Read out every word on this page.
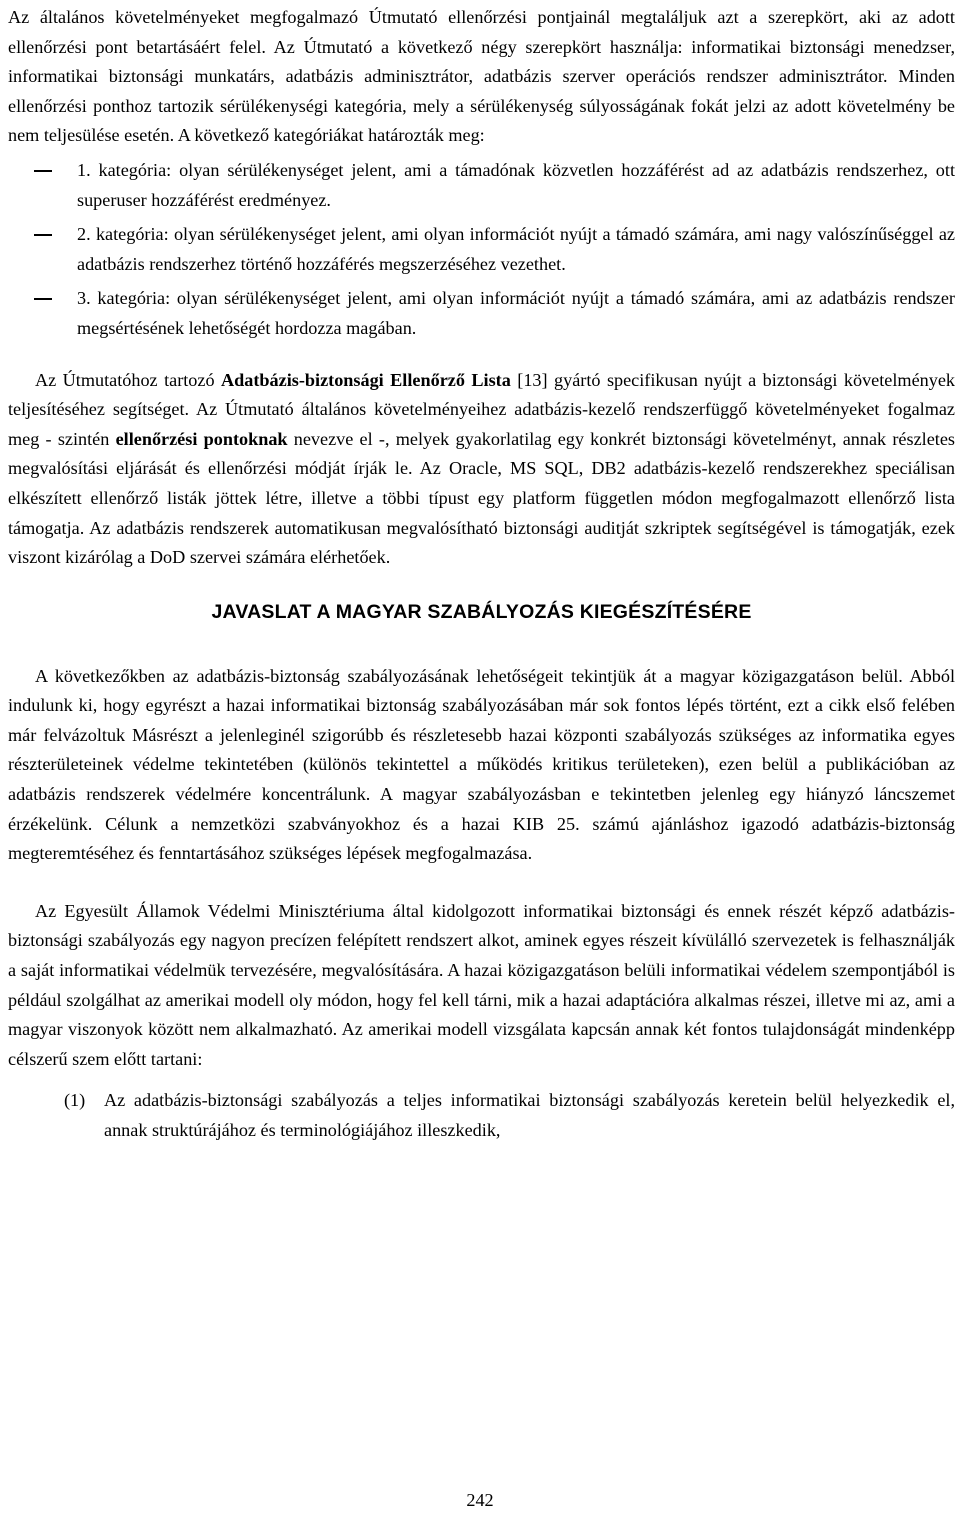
Az általános követelményeket megfogalmazó Útmutató ellenőrzési pontjainál megtaláljuk azt a szerepkört, aki az adott ellenőrzési pont betartásáért felel. Az Útmutató a következő négy szerepkört használja: informatikai biztonsági menedzser, informatikai biztonsági munkatárs, adatbázis adminisztrátor, adatbázis szerver operációs rendszer adminisztrátor. Minden ellenőrzési ponthoz tartozik sérülékenységi kategória, mely a sérülékenység súlyosságának fokát jelzi az adott követelmény be nem teljesülése esetén. A következő kategóriákat határozták meg:

1. kategória: olyan sérülékenységet jelent, ami a támadónak közvetlen hozzáférést ad az adatbázis rendszerhez, ott superuser hozzáférést eredményez.
2. kategória: olyan sérülékenységet jelent, ami olyan információt nyújt a támadó számára, ami nagy valószínűséggel az adatbázis rendszerhez történő hozzáférés megszerzéséhez vezethet.
3. kategória: olyan sérülékenységet jelent, ami olyan információt nyújt a támadó számára, ami az adatbázis rendszer megsértésének lehetőségét hordozza magában.

Az Útmutatóhoz tartozó Adatbázis-biztonsági Ellenőrző Lista [13] gyártó specifikusan nyújt a biztonsági követelmények teljesítéséhez segítséget. Az Útmutató általános követelményeihez adatbázis-kezelő rendszerfüggő követelményeket fogalmaz meg - szintén ellenőrzési pontoknak nevezve el -, melyek gyakorlatilag egy konkrét biztonsági követelményt, annak részletes megvalósítási eljárását és ellenőrzési módját írják le. Az Oracle, MS SQL, DB2 adatbázis-kezelő rendszerekhez speciálisan elkészített ellenőrző listák jöttek létre, illetve a többi típust egy platform független módon megfogalmazott ellenőrző lista támogatja. Az adatbázis rendszerek automatikusan megvalósítható biztonsági auditját szkriptek segítségével is támogatják, ezek viszont kizárólag a DoD szervei számára elérhetőek.

JAVASLAT A MAGYAR SZABÁLYOZÁS KIEGÉSZÍTÉSÉRE

A következőkben az adatbázis-biztonság szabályozásának lehetőségeit tekintjük át a magyar közigazgatáson belül. Abból indulunk ki, hogy egyrészt a hazai informatikai biztonság szabályozásában már sok fontos lépés történt, ezt a cikk első felében már felvázoltuk Másrészt a jelenleginél szigorúbb és részletesebb hazai központi szabályozás szükséges az informatika egyes részterületeinek védelme tekintetében (különös tekintettel a működés kritikus területeken), ezen belül a publikációban az adatbázis rendszerek védelmére koncentrálunk. A magyar szabályozásban e tekintetben jelenleg egy hiányzó láncszemet érzékelünk. Célunk a nemzetközi szabványokhoz és a hazai KIB 25. számú ajánláshoz igazodó adatbázis-biztonság megteremtéséhez és fenntartásához szükséges lépések megfogalmazása.

Az Egyesült Államok Védelmi Minisztériuma által kidolgozott informatikai biztonsági és ennek részét képző adatbázis-biztonsági szabályozás egy nagyon precízen felépített rendszert alkot, aminek egyes részeit kívülálló szervezetek is felhasználják a saját informatikai védelmük tervezésére, megvalósítására. A hazai közigazgatáson belüli informatikai védelem szempontjából is például szolgálhat az amerikai modell oly módon, hogy fel kell tárni, mik a hazai adaptációra alkalmas részei, illetve mi az, ami a magyar viszonyok között nem alkalmazható. Az amerikai modell vizsgálata kapcsán annak két fontos tulajdonságát mindenképp célszerű szem előtt tartani:

(1) Az adatbázis-biztonsági szabályozás a teljes informatikai biztonsági szabályozás keretein belül helyezkedik el, annak struktúrájához és terminológiájához illeszkedik,
242
